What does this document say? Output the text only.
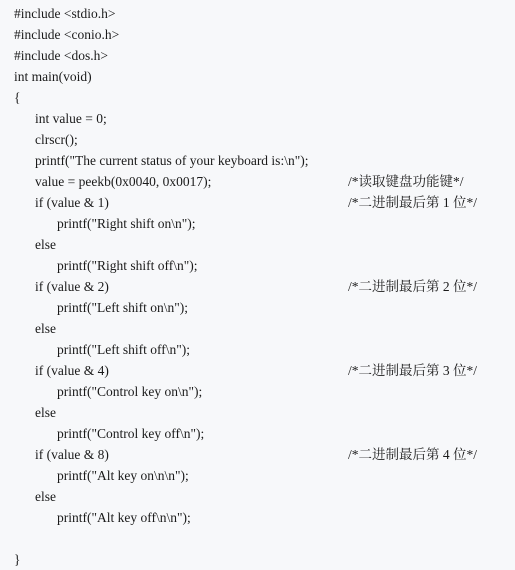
#include <stdio.h>
#include <conio.h>
#include <dos.h>
int main(void)
{
int value = 0;
clrscr();
printf("The current status of your keyboard is:\n");
value = peekb(0x0040, 0x0017);	/*读取键盘功能键*/
if (value & 1)	/*二进制最后第 1 位*/
printf("Right shift on\n");
else
printf("Right shift off\n");
if (value & 2)	/*二进制最后第 2 位*/
printf("Left shift on\n");
else
printf("Left shift off\n");
if (value & 4)	/*二进制最后第 3 位*/
printf("Control key on\n");
else
printf("Control key off\n");
if (value & 8)	/*二进制最后第 4 位*/
printf("Alt key on\n\n");
else
printf("Alt key off\n\n");
}
